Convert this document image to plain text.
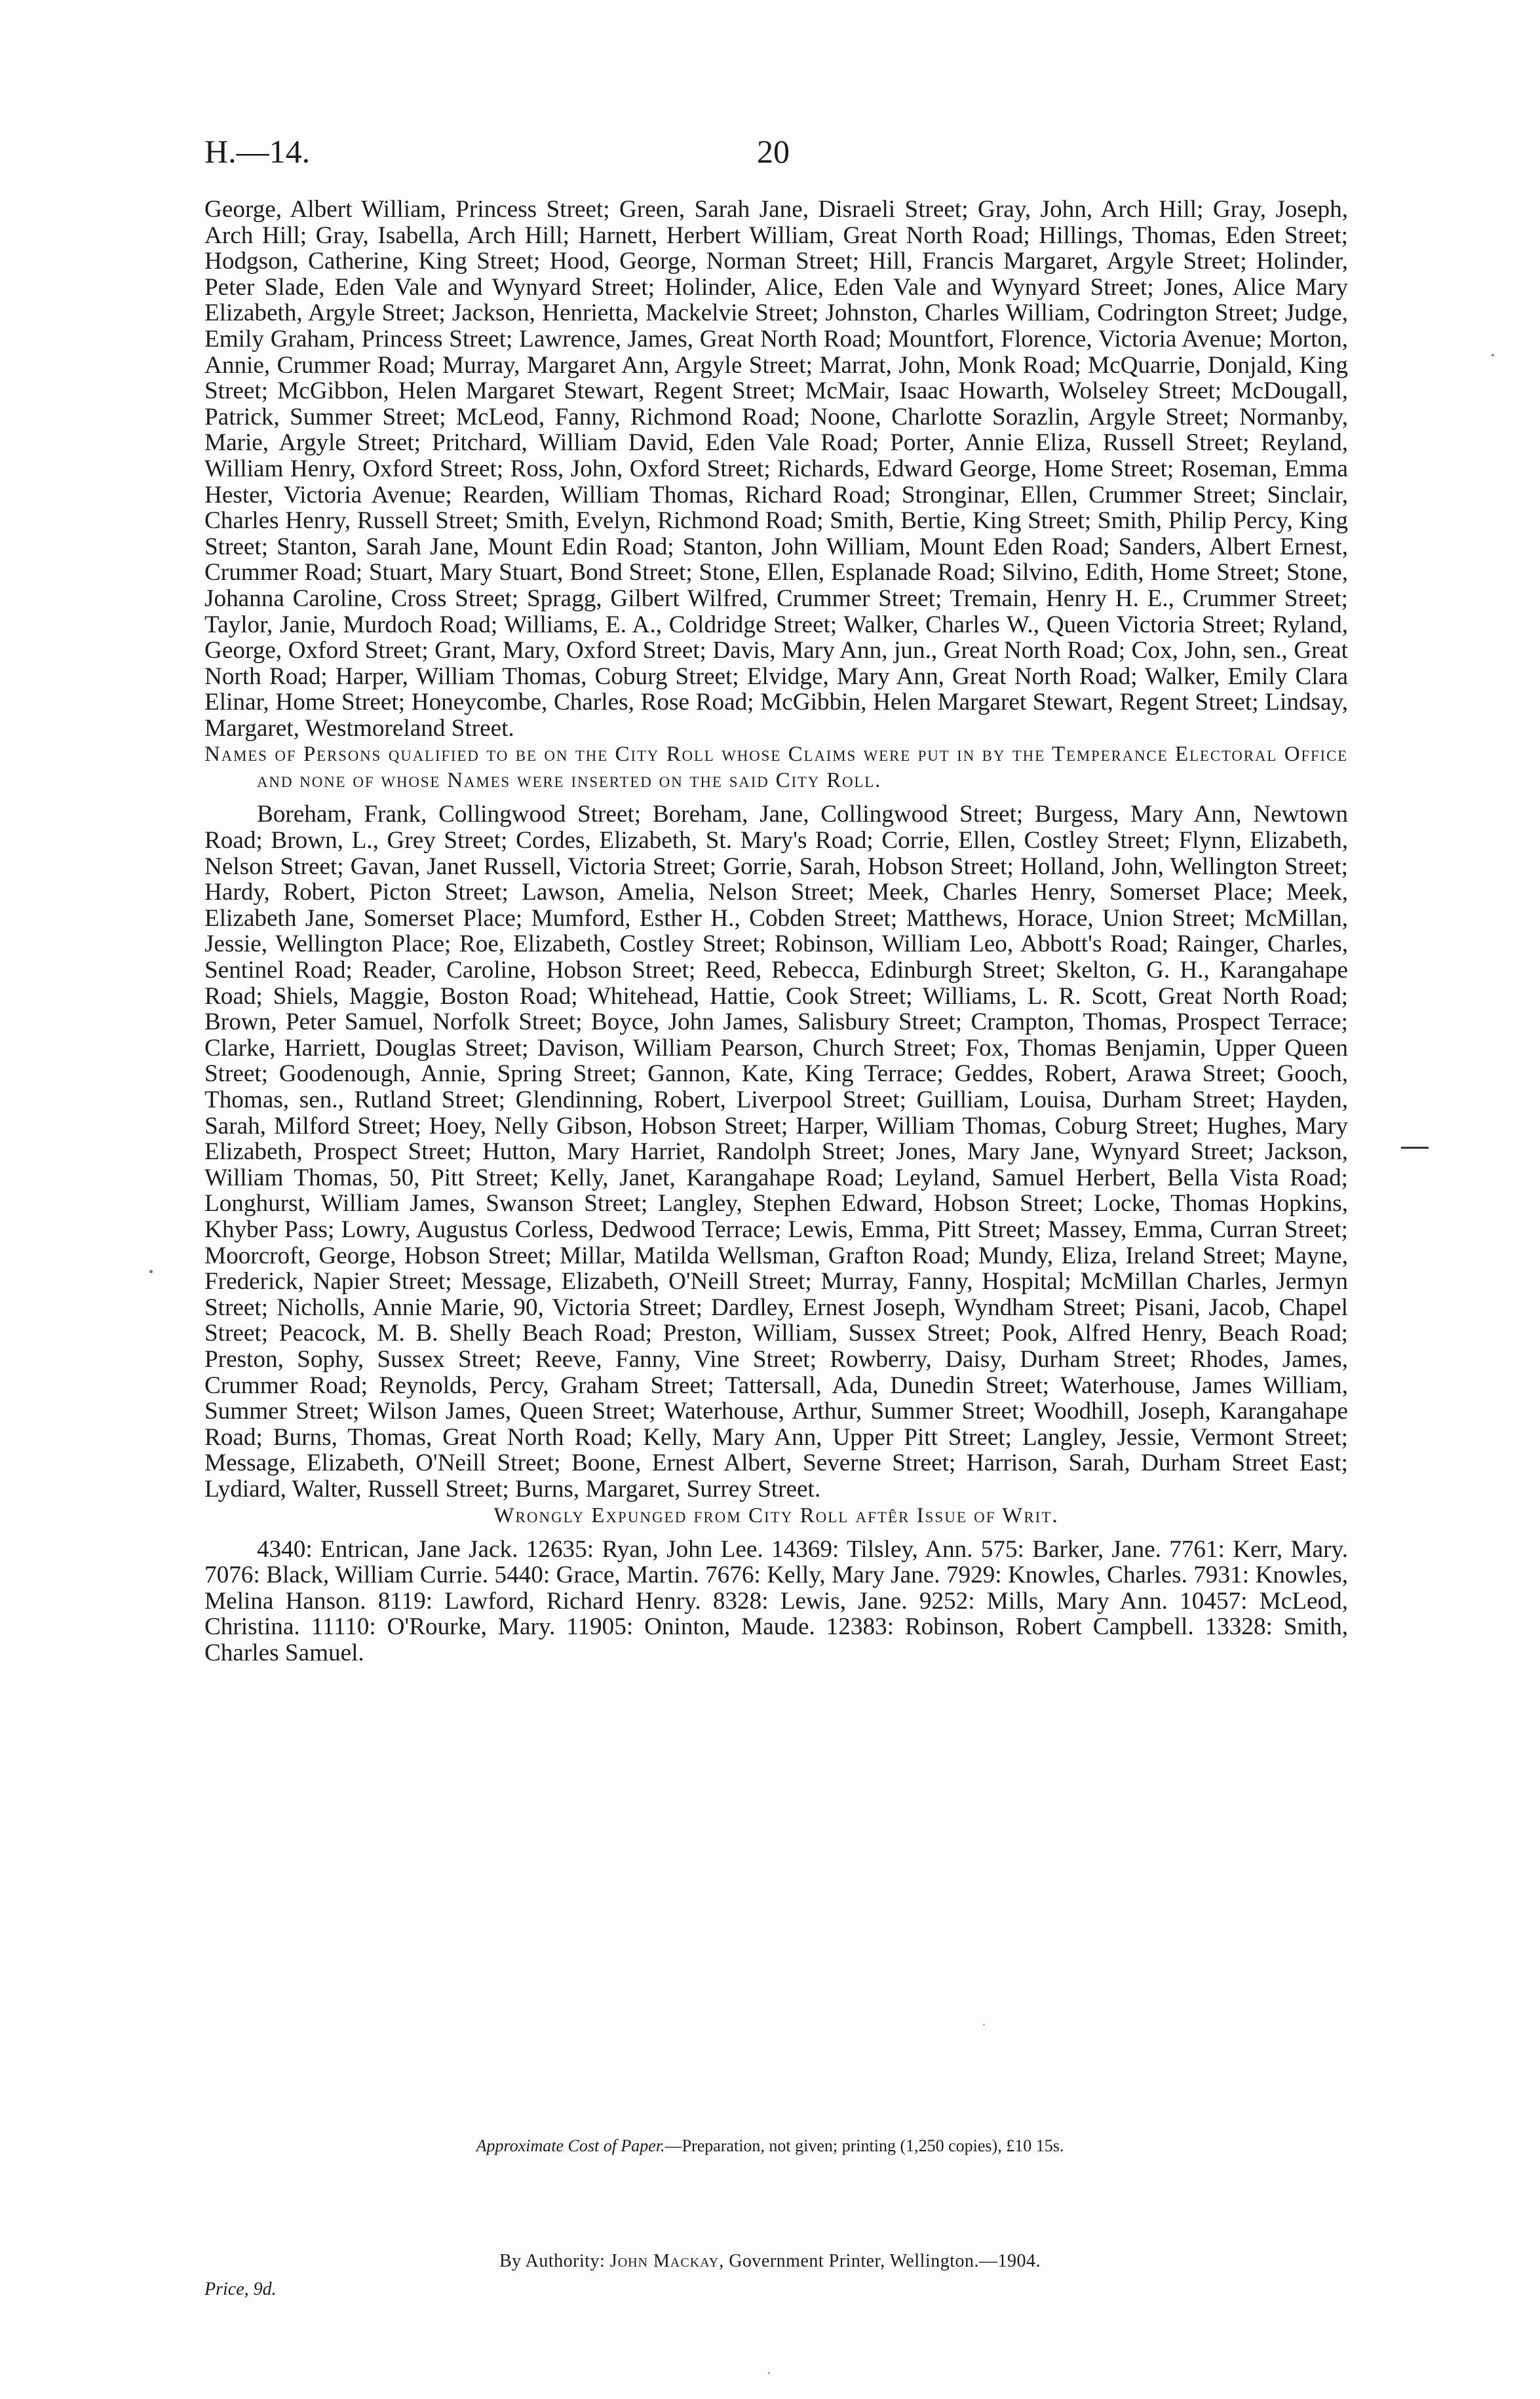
H.—14.	20

George, Albert William, Princess Street; Green, Sarah Jane, Disraeli Street; Gray, John, Arch Hill; Gray, Joseph, Arch Hill; Gray, Isabella, Arch Hill; Harnett, Herbert William, Great North Road; Hillings, Thomas, Eden Street; Hodgson, Catherine, King Street; Hood, George, Norman Street; Hill, Francis Margaret, Argyle Street; Holinder, Peter Slade, Eden Vale and Wynyard Street; Holinder, Alice, Eden Vale and Wynyard Street; Jones, Alice Mary Elizabeth, Argyle Street; Jackson, Henrietta, Mackelvie Street; Johnston, Charles William, Codrington Street; Judge, Emily Graham, Princess Street; Lawrence, James, Great North Road; Mountfort, Florence, Victoria Avenue; Morton, Annie, Crummer Road; Murray, Margaret Ann, Argyle Street; Marrat, John, Monk Road; McQuarrie, Donjald, King Street; McGibbon, Helen Margaret Stewart, Regent Street; McMair, Isaac Howarth, Wolseley Street; McDougall, Patrick, Summer Street; McLeod, Fanny, Richmond Road; Noone, Charlotte Sorazlin, Argyle Street; Normanby, Marie, Argyle Street; Pritchard, William David, Eden Vale Road; Porter, Annie Eliza, Russell Street; Reyland, William Henry, Oxford Street; Ross, John, Oxford Street; Richards, Edward George, Home Street; Roseman, Emma Hester, Victoria Avenue; Rearden, William Thomas, Richard Road; Stronginar, Ellen, Crummer Street; Sinclair, Charles Henry, Russell Street; Smith, Evelyn, Richmond Road; Smith, Bertie, King Street; Smith, Philip Percy, King Street; Stanton, Sarah Jane, Mount Edin Road; Stanton, John William, Mount Eden Road; Sanders, Albert Ernest, Crummer Road; Stuart, Mary Stuart, Bond Street; Stone, Ellen, Esplanade Road; Silvino, Edith, Home Street; Stone, Johanna Caroline, Cross Street; Spragg, Gilbert Wilfred, Crummer Street; Tremain, Henry H. E., Crummer Street; Taylor, Janie, Murdoch Road; Williams, E. A., Coldridge Street; Walker, Charles W., Queen Victoria Street; Ryland, George, Oxford Street; Grant, Mary, Oxford Street; Davis, Mary Ann, jun., Great North Road; Cox, John, sen., Great North Road; Harper, William Thomas, Coburg Street; Elvidge, Mary Ann, Great North Road; Walker, Emily Clara Elinar, Home Street; Honeycombe, Charles, Rose Road; McGibbin, Helen Margaret Stewart, Regent Street; Lindsay, Margaret, Westmoreland Street.

Names of Persons qualified to be on the City Roll whose Claims were put in by the Temperance Electoral Office and none of whose Names were inserted on the said City Roll.

Boreham, Frank, Collingwood Street; Boreham, Jane, Collingwood Street; Burgess, Mary Ann, Newtown Road; Brown, L., Grey Street; Cordes, Elizabeth, St. Mary's Road; Corrie, Ellen, Costley Street; Flynn, Elizabeth, Nelson Street; Gavan, Janet Russell, Victoria Street; Gorrie, Sarah, Hobson Street; Holland, John, Wellington Street; Hardy, Robert, Picton Street; Lawson, Amelia, Nelson Street; Meek, Charles Henry, Somerset Place; Meek, Elizabeth Jane, Somerset Place; Mumford, Esther H., Cobden Street; Matthews, Horace, Union Street; McMillan, Jessie, Wellington Place; Roe, Elizabeth, Costley Street; Robinson, William Leo, Abbott's Road; Rainger, Charles, Sentinel Road; Reader, Caroline, Hobson Street; Reed, Rebecca, Edinburgh Street; Skelton, G. H., Karangahape Road; Shiels, Maggie, Boston Road; Whitehead, Hattie, Cook Street; Williams, L. R. Scott, Great North Road; Brown, Peter Samuel, Norfolk Street; Boyce, John James, Salisbury Street; Crampton, Thomas, Prospect Terrace; Clarke, Harriett, Douglas Street; Davison, William Pearson, Church Street; Fox, Thomas Benjamin, Upper Queen Street; Goodenough, Annie, Spring Street; Gannon, Kate, King Terrace; Geddes, Robert, Arawa Street; Gooch, Thomas, sen., Rutland Street; Glendinning, Robert, Liverpool Street; Guilliam, Louisa, Durham Street; Hayden, Sarah, Milford Street; Hoey, Nelly Gibson, Hobson Street; Harper, William Thomas, Coburg Street; Hughes, Mary Elizabeth, Prospect Street; Hutton, Mary Harriet, Randolph Street; Jones, Mary Jane, Wynyard Street; Jackson, William Thomas, 50, Pitt Street; Kelly, Janet, Karangahape Road; Leyland, Samuel Herbert, Bella Vista Road; Longhurst, William James, Swanson Street; Langley, Stephen Edward, Hobson Street; Locke, Thomas Hopkins, Khyber Pass; Lowry, Augustus Corless, Dedwood Terrace; Lewis, Emma, Pitt Street; Massey, Emma, Curran Street; Moorcroft, George, Hobson Street; Millar, Matilda Wellsman, Grafton Road; Mundy, Eliza, Ireland Street; Mayne, Frederick, Napier Street; Message, Elizabeth, O'Neill Street; Murray, Fanny, Hospital; McMillan Charles, Jermyn Street; Nicholls, Annie Marie, 90, Victoria Street; Dardley, Ernest Joseph, Wyndham Street; Pisani, Jacob, Chapel Street; Peacock, M. B. Shelly Beach Road; Preston, William, Sussex Street; Pook, Alfred Henry, Beach Road; Preston, Sophy, Sussex Street; Reeve, Fanny, Vine Street; Rowberry, Daisy, Durham Street; Rhodes, James, Crummer Road; Reynolds, Percy, Graham Street; Tattersall, Ada, Dunedin Street; Waterhouse, James William, Summer Street; Wilson James, Queen Street; Waterhouse, Arthur, Summer Street; Woodhill, Joseph, Karangahape Road; Burns, Thomas, Great North Road; Kelly, Mary Ann, Upper Pitt Street; Langley, Jessie, Vermont Street; Message, Elizabeth, O'Neill Street; Boone, Ernest Albert, Severne Street; Harrison, Sarah, Durham Street East; Lydiard, Walter, Russell Street; Burns, Margaret, Surrey Street.

Wrongly Expunged from City Roll aftêr Issue of Writ.

4340: Entrican, Jane Jack. 12635: Ryan, John Lee. 14369: Tilsley, Ann. 575: Barker, Jane. 7761: Kerr, Mary. 7076: Black, William Currie. 5440: Grace, Martin. 7676: Kelly, Mary Jane. 7929: Knowles, Charles. 7931: Knowles, Melina Hanson. 8119: Lawford, Richard Henry. 8328: Lewis, Jane. 9252: Mills, Mary Ann. 10457: McLeod, Christina. 11110: O'Rourke, Mary. 11905: Oninton, Maude. 12383: Robinson, Robert Campbell. 13328: Smith, Charles Samuel.

Approximate Cost of Paper.—Preparation, not given; printing (1,250 copies), £10 15s.
By Authority: John Mackay, Government Printer, Wellington.—1904.
Price, 9d.
